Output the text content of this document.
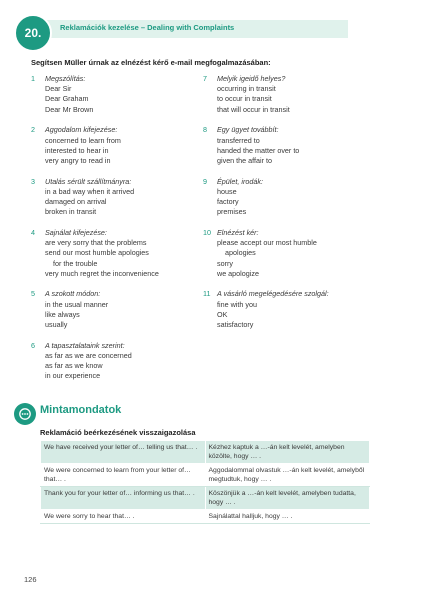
20.	Reklamációk kezelése – Dealing with Complaints
Segítsen Müller úrnak az elnézést kérő e-mail megfogalmazásában:
1 Megszólítás:
Dear Sir
Dear Graham
Dear Mr Brown
2 Aggodalom kifejezése:
concerned to learn from
interested to hear in
very angry to read in
3 Utalás sérült szállítmányra:
in a bad way when it arrived
damaged on arrival
broken in transit
4 Sajnálat kifejezése:
are very sorry that the problems
send our most humble apologies
for the trouble
very much regret the inconvenience
5 A szokott módon:
in the usual manner
like always
usually
6 A tapasztalataink szerint:
as far as we are concerned
as far as we know
in our experience
7 Melyik igeidő helyes?
occurring in transit
to occur in transit
that will occur in transit
8 Egy ügyet továbbít:
transferred to
handed the matter over to
given the affair to
9 Épület, irodák:
house
factory
premises
10 Elnézést kér:
please accept our most humble
apologies
sorry
we apologize
11 A vásárló megelégedésére szolgál:
fine with you
OK
satisfactory
Mintamondatok
Reklamáció beérkezésének visszaigazolása
We have received your letter of… telling us that… .	Kézhez kaptuk a …-án kelt levelét, amelyben közölte, hogy … .
We were concerned to learn from your letter of… that… .	Aggodalommal olvastuk …-án kelt levelét, amelyből megtudtuk, hogy … .
Thank you for your letter of… informing us that… .	Köszönjük a …-án kelt levelét, amelyben tudatta, hogy … .
We were sorry to hear that… .	Sajnálattal halljuk, hogy … .
126
